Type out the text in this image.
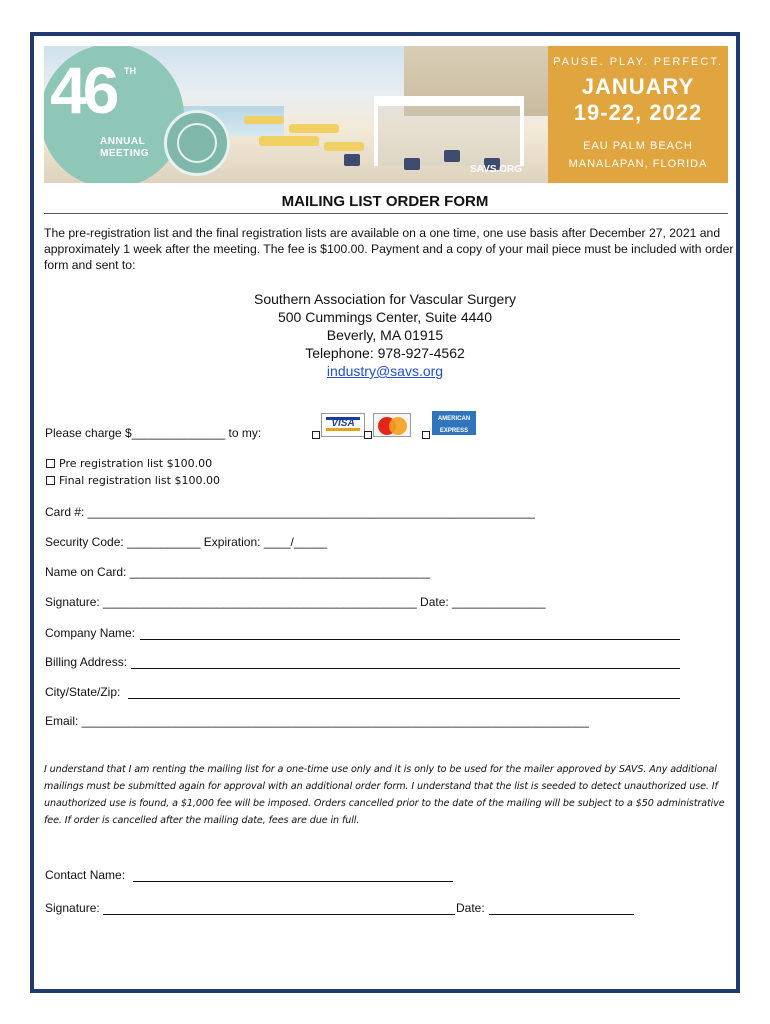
46 TH
ANNUAL
MEETING
SAVS.ORG
PAUSE. PLAY. PERFECT.
JANUARY
19-22, 2022
EAU PALM BEACH
MANALAPAN, FLORIDA
MAILING LIST ORDER FORM
The pre-registration list and the final registration lists are available on a one time, one use basis after December 27, 2021 and approximately 1 week after the meeting. The fee is $100.00. Payment and a copy of your mail piece must be included with order form and sent to:
Southern Association for Vascular Surgery
500 Cummings Center, Suite 4440
Beverly, MA 01915
Telephone: 978-927-4562
industry@savs.org
Please charge $______________ to my:
VISA	AMERICAN
EXPRESS
Pre registration list $100.00
Final registration list $100.00
Card #: ___________________________________________________________________
Security Code: ___________ Expiration: ____/_____
Name on Card: _____________________________________________
Signature: _______________________________________________ Date: ______________
Company Name:
Billing Address:
City/State/Zip:
Email: ____________________________________________________________________________
I understand that I am renting the mailing list for a one-time use only and it is only to be used for the mailer approved by SAVS. Any additional mailings must be submitted again for approval with an additional order form. I understand that the list is seeded to detect unauthorized use. If unauthorized use is found, a $1,000 fee will be imposed. Orders cancelled prior to the date of the mailing will be subject to a $50 administrative fee. If order is cancelled after the mailing date, fees are due in full.
Contact Name:
Signature:	Date:
